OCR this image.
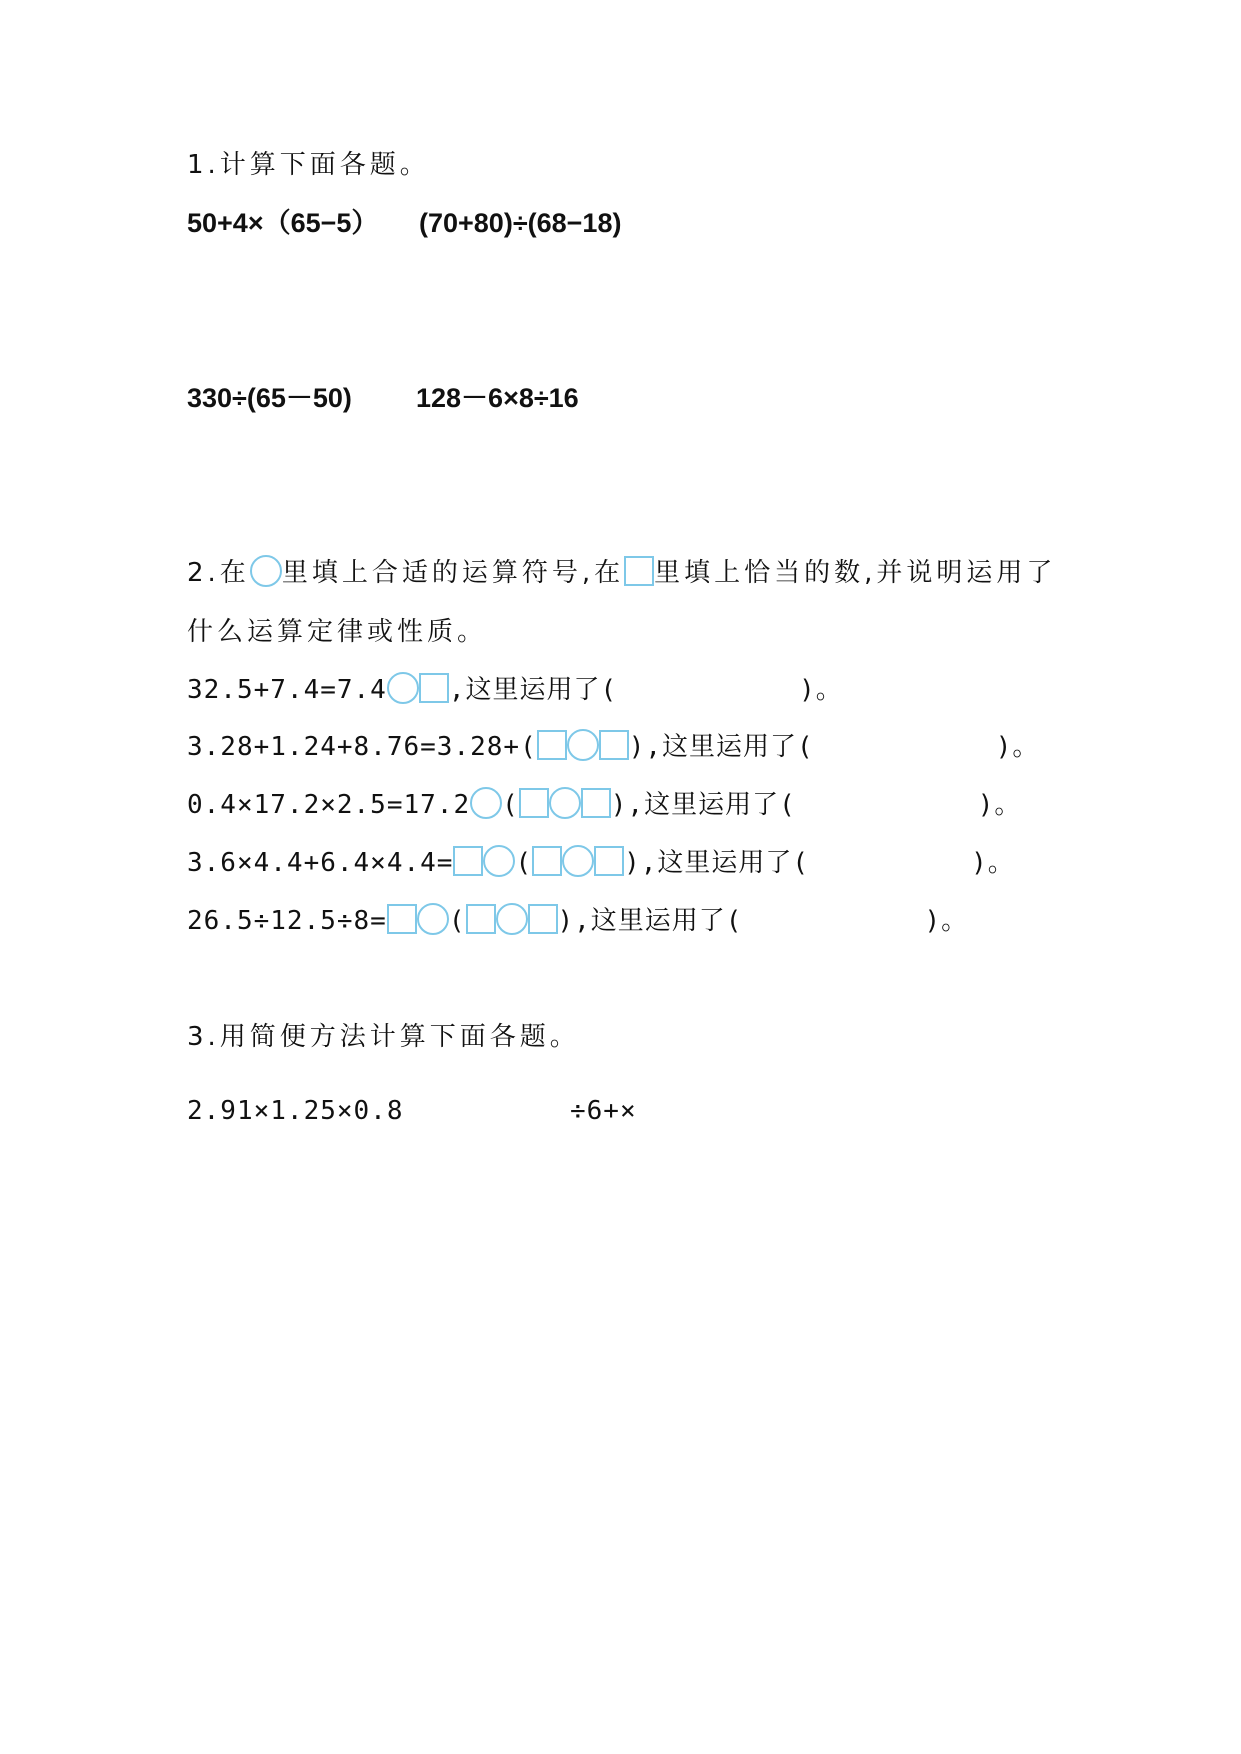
1.计算下面各题。
50+4×（65−5） (70+80)÷(68−18)
330÷(65－50) 128－6×8÷16
2.在 里填上合适的运算符号,在 里填上恰当的数,并说明运用了
什么运算定律或性质。
32.5+7.4=7.4 ,这里运用了(	)。
3.28+1.24+8.76=3.28+(	),这里运用了(	)。
0.4×17.2×2.5=17.2 (	),这里运用了(	)。
3.6×4.4+6.4×4.4= (	),这里运用了(	)。
26.5÷12.5÷8= (	),这里运用了(	)。
3.用简便方法计算下面各题。
2.91×1.25×0.8	÷6+×
